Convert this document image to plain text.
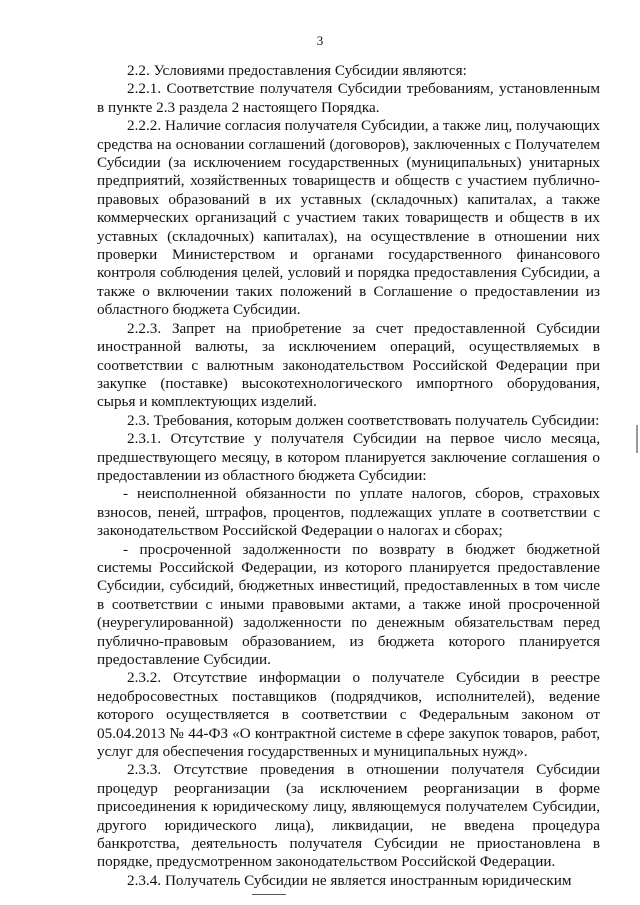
3

2.2. Условиями предоставления Субсидии являются:

2.2.1. Соответствие получателя Субсидии требованиям, установленным в пункте 2.3 раздела 2 настоящего Порядка.

2.2.2. Наличие согласия получателя Субсидии, а также лиц, получающих средства на основании соглашений (договоров), заключенных с Получателем Субсидии (за исключением государственных (муниципальных) унитарных предприятий, хозяйственных товариществ и обществ с участием публично-правовых образований в их уставных (складочных) капиталах, а также коммерческих организаций с участием таких товариществ и обществ в их уставных (складочных) капиталах), на осуществление в отношении них проверки Министерством и органами государственного финансового контроля соблюдения целей, условий и порядка предоставления Субсидии, а также о включении таких положений в Соглашение о предоставлении из областного бюджета Субсидии.

2.2.3. Запрет на приобретение за счет предоставленной Субсидии иностранной валюты, за исключением операций, осуществляемых в соответствии с валютным законодательством Российской Федерации при закупке (поставке) высокотехнологического импортного оборудования, сырья и комплектующих изделий.

2.3. Требования, которым должен соответствовать получатель Субсидии:

2.3.1. Отсутствие у получателя Субсидии на первое число месяца, предшествующего месяцу, в котором планируется заключение соглашения о предоставлении из областного бюджета Субсидии:

- неисполненной обязанности по уплате налогов, сборов, страховых взносов, пеней, штрафов, процентов, подлежащих уплате в соответствии с законодательством Российской Федерации о налогах и сборах;

- просроченной задолженности по возврату в бюджет бюджетной системы Российской Федерации, из которого планируется предоставление Субсидии, субсидий, бюджетных инвестиций, предоставленных в том числе в соответствии с иными правовыми актами, а также иной просроченной (неурегулированной) задолженности по денежным обязательствам перед публично-правовым образованием, из бюджета которого планируется предоставление Субсидии.

2.3.2. Отсутствие информации о получателе Субсидии в реестре недобросовестных поставщиков (подрядчиков, исполнителей), ведение которого осуществляется в соответствии с Федеральным законом от 05.04.2013 № 44-ФЗ «О контрактной системе в сфере закупок товаров, работ, услуг для обеспечения государственных и муниципальных нужд».

2.3.3. Отсутствие проведения в отношении получателя Субсидии процедур реорганизации (за исключением реорганизации в форме присоединения к юридическому лицу, являющемуся получателем Субсидии, другого юридического лица), ликвидации, не введена процедура банкротства, деятельность получателя Субсидии не приостановлена в порядке, предусмотренном законодательством Российской Федерации.

2.3.4. Получатель Субсидии не является иностранным юридическим
